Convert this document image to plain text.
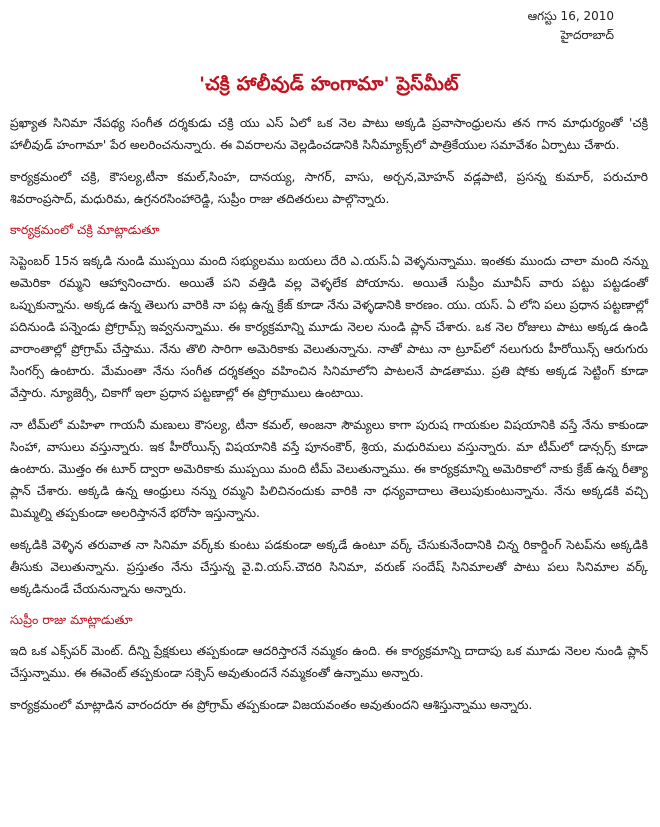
ఆగస్టు 16, 2010
హైదరాబాద్
'చక్రి హాలీవుడ్ హంగామా' ప్రెస్‌మీట్

ప్రఖ్యాత సినిమా నేపథ్య సంగీత దర్శకుడు చక్రి యు ఎస్ ఏలో ఒక నెల పాటు అక్కడి ప్రవాసాంధ్రులను తన గాన మాధుర్యంతో 'చక్రి హాలీవుడ్ హంగామా' పేర అలరించనున్నారు. ఈ వివరాలను వెల్లడించడానికి సినీమ్యాక్స్‌లో పాత్రికేయుల సమావేశం ఏర్పాటు చేశారు.

కార్యక్రమంలో చక్రి, కౌసల్య,టీనా కమల్,సింహ, దానయ్య, సాగర్, వాసు, అర్చన,మోహన్ వడ్లపాటి, ప్రసన్న కుమార్, పరుచూరి శివరాంప్రసాద్, మధురిమ, ఉగ్రనరసింహారెడ్డి, సుప్రీం రాజు తదితరులు పాల్గొన్నారు.

కార్యక్రమంలో చక్రి మాట్లాడుతూ

సెప్టెంబర్ 15న ఇక్కడి నుండి ముప్పయి మంది సభ్యులము బయలు దేరి ఎ.యస్.ఏ వెళ్ళనున్నాము. ఇంతకు ముందు చాలా మంది నన్ను అమెరికా రమ్మని ఆహ్వానించారు. అయితే పని వత్తిడి వల్ల వెళ్ళలేక పోయాను. అయితే సుప్రీం మూవీస్ వారు పట్టు పట్టడంతో ఒప్పుకున్నాను. అక్కడ ఉన్న తెలుగు వారికి నా పట్ల ఉన్న క్రేజ్ కూడా నేను వెళ్ళడానికి కారణం. యు. యస్. ఏ లోని పలు ప్రధాన పట్టణాల్లో పదినుండి పన్నెండు ప్రోగ్రామ్స్ ఇవ్వనున్నాము. ఈ కార్యక్రమాన్ని మూడు నెలల నుండి ప్లాన్ చేశారు. ఒక నెల రోజులు పాటు అక్కడ ఉండి వారాంతాల్లో ప్రోగ్రామ్ చేస్తాము. నేను తొలి సారిగా అమెరికాకు వెలుతున్నాను. నాతో పాటు నా ట్రూప్‌లో నలుగురు హీరోయిన్స్ ఆరుగురు సింగర్స్ ఉంటారు. మేమంతా నేను సంగీత దర్శకత్వం వహించిన సినిమాలోని పాటలనే పాడతాము. ప్రతి షోకు అక్కడ సెట్టింగ్ కూడా వేస్తారు. న్యూజెర్సీ, చికాగో ఇలా ప్రధాన పట్టణాల్లో ఈ ప్రోగ్రాములు ఉంటాయి.

నా టీమ్‌లో మహిళా గాయనీ మణులు కౌసల్య, టీనా కమల్, అంజనా సౌమ్యలు కాగా పురుష గాయకుల విషయానికి వస్తే నేను కాకుండా సింహా, వాసులు వస్తున్నారు. ఇక హీరోయిన్స్ విషయానికి వస్తే పూనంకౌర్, శ్రియ, మధురిమలు వస్తున్నారు. మా టీమ్‌లో డాన్సర్స్ కూడా ఉంటారు. మొత్తం ఈ టూర్ ద్వారా అమెరికాకు ముప్పయి మంది టీమ్ వెలుతున్నాము. ఈ కార్యక్రమాన్ని అమెరికాలో నాకు క్రేజ్ ఉన్న రీత్యా ప్లాన్ చేశారు. అక్కడి ఉన్న ఆంధ్రులు నన్ను రమ్మని పిలిచినందుకు వారికి నా ధన్యవాదాలు తెలుపుకుంటున్నాను. నేను అక్కడకి వచ్చి మిమ్మల్ని తప్పకుండా అలరిస్తాననే భరోసా ఇస్తున్నాను.

అక్కడికి వెళ్ళిన తరువాత నా సినిమా వర్క్‌కు కుంటు పడకుండా అక్కడే ఉంటూ వర్క్ చేసుకునేందానికి చిన్న రికార్డింగ్ సెటప్‌ను అక్కడికి తీసుకు వెలుతున్నాను. ప్రస్తుతం నేను చేస్తున్న వై.వి.యస్.చౌదరి సినిమా, వరుణ్ సందేష్ సినిమాలతో పాటు పలు సినిమాల వర్క్ అక్కడినుండే చేయనున్నాను అన్నారు.

సుప్రీం రాజు మాట్లాడుతూ

ఇది ఒక ఎక్స్‌పర్ మెంట్. దీన్ని ప్రేక్షకులు తప్పకుండా ఆదరిస్తారనే నమ్మకం ఉంది. ఈ కార్యక్రమాన్ని దాదాపు ఒక మూడు నెలల నుండి ప్లాన్ చేస్తున్నాము. ఈ ఈవెంట్ తప్పకుండా సక్సెస్ అవుతుందనే నమ్మకంతో ఉన్నాము అన్నారు.

కార్యక్రమంలో మాట్లాడిన వారందరూ ఈ ప్రోగ్రామ్ తప్పకుండా విజయవంతం అవుతుందని ఆశిస్తున్నాము అన్నారు.
